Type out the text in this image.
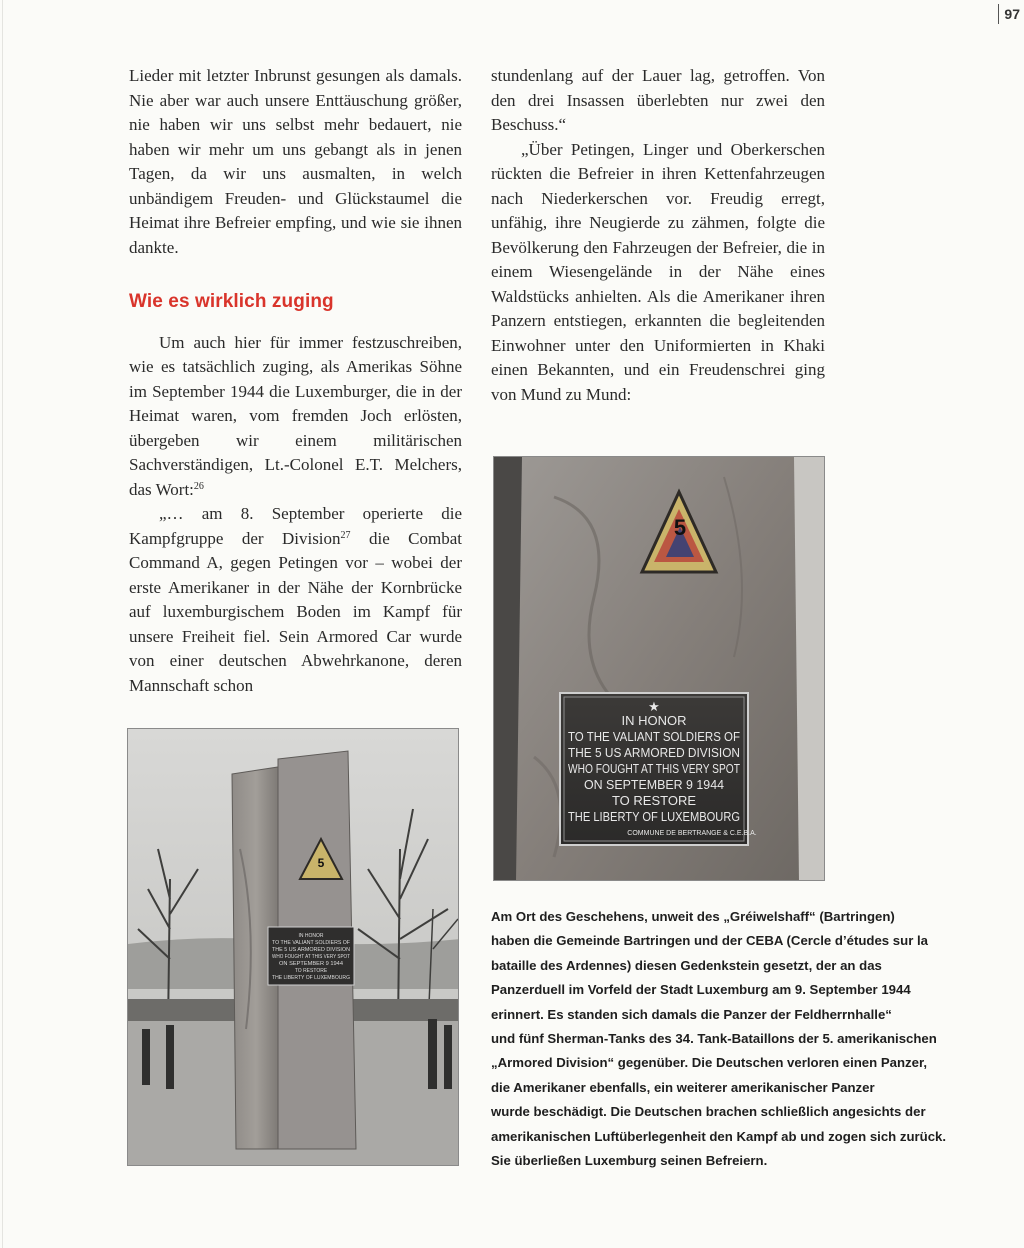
97

Lieder mit letzter Inbrunst gesungen als damals. Nie aber war auch unsere Enttäuschung größer, nie haben wir uns selbst mehr bedauert, nie haben wir mehr um uns gebangt als in jenen Tagen, da wir uns ausmalten, in welch unbändigem Freuden- und Glückstaumel die Heimat ihre Befreier empfing, und wie sie ihnen dankte.

Wie es wirklich zuging

Um auch hier für immer festzuschreiben, wie es tatsächlich zuging, als Amerikas Söhne im September 1944 die Luxemburger, die in der Heimat waren, vom fremden Joch erlösten, übergeben wir einem militärischen Sachverständigen, Lt.-Colonel E.T. Melchers, das Wort:$^{26}$

„… am 8. September operierte die Kampfgruppe der Division$^{27}$ die Combat Command A, gegen Petingen vor – wobei der erste Amerikaner in der Nähe der Kornbrücke auf luxemburgischem Boden im Kampf für unsere Freiheit fiel. Sein Armored Car wurde von einer deutschen Abwehrkanone, deren Mannschaft schon

stundenlang auf der Lauer lag, getroffen. Von den drei Insassen überlebten nur zwei den Beschuss.“

„Über Petingen, Linger und Oberkerschen rückten die Befreier in ihren Kettenfahrzeugen nach Niederkerschen vor. Freudig erregt, unfähig, ihre Neugierde zu zähmen, folgte die Bevölkerung den Fahrzeugen der Befreier, die in einem Wiesengelände in der Nähe eines Waldstücks anhielten. Als die Amerikaner ihren Panzern entstiegen, erkannten die begleitenden Einwohner unter den Uniformierten in Khaki einen Bekannten, und ein Freudenschrei ging von Mund zu Mund:

5
★
IN HONOR
TO THE VALIANT SOLDIERS OF
THE 5 US ARMORED DIVISION
WHO FOUGHT AT THIS VERY SPOT
ON SEPTEMBER 9 1944
TO RESTORE
THE LIBERTY OF LUXEMBOURG
COMMUNE DE BERTRANGE & C.E.B.A.
5
IN HONOR
TO THE VALIANT SOLDIERS OF
THE 5 US ARMORED DIVISION
WHO FOUGHT AT THIS VERY SPOT
ON SEPTEMBER 9 1944
TO RESTORE
THE LIBERTY OF LUXEMBOURG
Am Ort des Geschehens, unweit des „Gréiwelshaff“ (Bartringen)
haben die Gemeinde Bartringen und der CEBA (Cercle d’études sur la
bataille des Ardennes) diesen Gedenkstein gesetzt, der an das
Panzerduell im Vorfeld der Stadt Luxemburg am 9. September 1944
erinnert. Es standen sich damals die Panzer der Feldherrnhalle“
und fünf Sherman-Tanks des 34. Tank-Bataillons der 5. amerikanischen
„Armored Division“ gegenüber. Die Deutschen verloren einen Panzer,
die Amerikaner ebenfalls, ein weiterer amerikanischer Panzer
wurde beschädigt. Die Deutschen brachen schließlich angesichts der
amerikanischen Luftüberlegenheit den Kampf ab und zogen sich zurück.
Sie überließen Luxemburg seinen Befreiern.
